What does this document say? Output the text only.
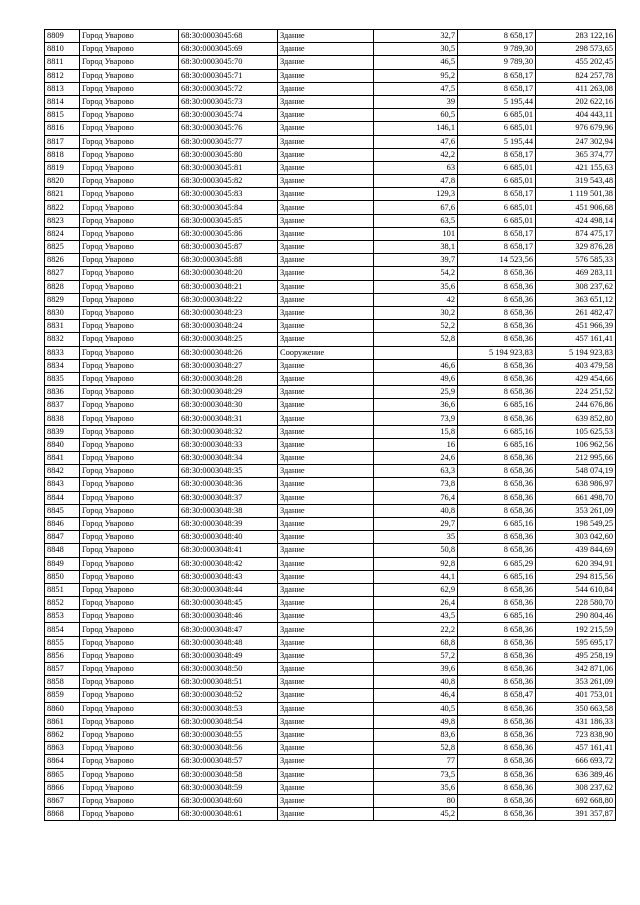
8809	Город Уварово	68:30:0003045:68	Здание	32,7	8 658,17	283 122,16
8810	Город Уварово	68:30:0003045:69	Здание	30,5	9 789,30	298 573,65
8811	Город Уварово	68:30:0003045:70	Здание	46,5	9 789,30	455 202,45
8812	Город Уварово	68:30:0003045:71	Здание	95,2	8 658,17	824 257,78
8813	Город Уварово	68:30:0003045:72	Здание	47,5	8 658,17	411 263,08
8814	Город Уварово	68:30:0003045:73	Здание	39	5 195,44	202 622,16
8815	Город Уварово	68:30:0003045:74	Здание	60,5	6 685,01	404 443,11
8816	Город Уварово	68:30:0003045:76	Здание	146,1	6 685,01	976 679,96
8817	Город Уварово	68:30:0003045:77	Здание	47,6	5 195,44	247 302,94
8818	Город Уварово	68:30:0003045:80	Здание	42,2	8 658,17	365 374,77
8819	Город Уварово	68:30:0003045:81	Здание	63	6 685,01	421 155,63
8820	Город Уварово	68:30:0003045:82	Здание	47,8	6 685,01	319 543,48
8821	Город Уварово	68:30:0003045:83	Здание	129,3	8 658,17	1 119 501,38
8822	Город Уварово	68:30:0003045:84	Здание	67,6	6 685,01	451 906,68
8823	Город Уварово	68:30:0003045:85	Здание	63,5	6 685,01	424 498,14
8824	Город Уварово	68:30:0003045:86	Здание	101	8 658,17	874 475,17
8825	Город Уварово	68:30:0003045:87	Здание	38,1	8 658,17	329 876,28
8826	Город Уварово	68:30:0003045:88	Здание	39,7	14 523,56	576 585,33
8827	Город Уварово	68:30:0003048:20	Здание	54,2	8 658,36	469 283,11
8828	Город Уварово	68:30:0003048:21	Здание	35,6	8 658,36	308 237,62
8829	Город Уварово	68:30:0003048:22	Здание	42	8 658,36	363 651,12
8830	Город Уварово	68:30:0003048:23	Здание	30,2	8 658,36	261 482,47
8831	Город Уварово	68:30:0003048:24	Здание	52,2	8 658,36	451 966,39
8832	Город Уварово	68:30:0003048:25	Здание	52,8	8 658,36	457 161,41
8833	Город Уварово	68:30:0003048:26	Сооружение		5 194 923,83	5 194 923,83
8834	Город Уварово	68:30:0003048:27	Здание	46,6	8 658,36	403 479,58
8835	Город Уварово	68:30:0003048:28	Здание	49,6	8 658,36	429 454,66
8836	Город Уварово	68:30:0003048:29	Здание	25,9	8 658,36	224 251,52
8837	Город Уварово	68:30:0003048:30	Здание	36,6	6 685,16	244 676,86
8838	Город Уварово	68:30:0003048:31	Здание	73,9	8 658,36	639 852,80
8839	Город Уварово	68:30:0003048:32	Здание	15,8	6 685,16	105 625,53
8840	Город Уварово	68:30:0003048:33	Здание	16	6 685,16	106 962,56
8841	Город Уварово	68:30:0003048:34	Здание	24,6	8 658,36	212 995,66
8842	Город Уварово	68:30:0003048:35	Здание	63,3	8 658,36	548 074,19
8843	Город Уварово	68:30:0003048:36	Здание	73,8	8 658,36	638 986,97
8844	Город Уварово	68:30:0003048:37	Здание	76,4	8 658,36	661 498,70
8845	Город Уварово	68:30:0003048:38	Здание	40,8	8 658,36	353 261,09
8846	Город Уварово	68:30:0003048:39	Здание	29,7	6 685,16	198 549,25
8847	Город Уварово	68:30:0003048:40	Здание	35	8 658,36	303 042,60
8848	Город Уварово	68:30:0003048:41	Здание	50,8	8 658,36	439 844,69
8849	Город Уварово	68:30:0003048:42	Здание	92,8	6 685,29	620 394,91
8850	Город Уварово	68:30:0003048:43	Здание	44,1	6 685,16	294 815,56
8851	Город Уварово	68:30:0003048:44	Здание	62,9	8 658,36	544 610,84
8852	Город Уварово	68:30:0003048:45	Здание	26,4	8 658,36	228 580,70
8853	Город Уварово	68:30:0003048:46	Здание	43,5	6 685,16	290 804,46
8854	Город Уварово	68:30:0003048:47	Здание	22,2	8 658,36	192 215,59
8855	Город Уварово	68:30:0003048:48	Здание	68,8	8 658,36	595 695,17
8856	Город Уварово	68:30:0003048:49	Здание	57,2	8 658,36	495 258,19
8857	Город Уварово	68:30:0003048:50	Здание	39,6	8 658,36	342 871,06
8858	Город Уварово	68:30:0003048:51	Здание	40,8	8 658,36	353 261,09
8859	Город Уварово	68:30:0003048:52	Здание	46,4	8 658,47	401 753,01
8860	Город Уварово	68:30:0003048:53	Здание	40,5	8 658,36	350 663,58
8861	Город Уварово	68:30:0003048:54	Здание	49,8	8 658,36	431 186,33
8862	Город Уварово	68:30:0003048:55	Здание	83,6	8 658,36	723 838,90
8863	Город Уварово	68:30:0003048:56	Здание	52,8	8 658,36	457 161,41
8864	Город Уварово	68:30:0003048:57	Здание	77	8 658,36	666 693,72
8865	Город Уварово	68:30:0003048:58	Здание	73,5	8 658,36	636 389,46
8866	Город Уварово	68:30:0003048:59	Здание	35,6	8 658,36	308 237,62
8867	Город Уварово	68:30:0003048:60	Здание	80	8 658,36	692 668,80
8868	Город Уварово	68:30:0003048:61	Здание	45,2	8 658,36	391 357,87
